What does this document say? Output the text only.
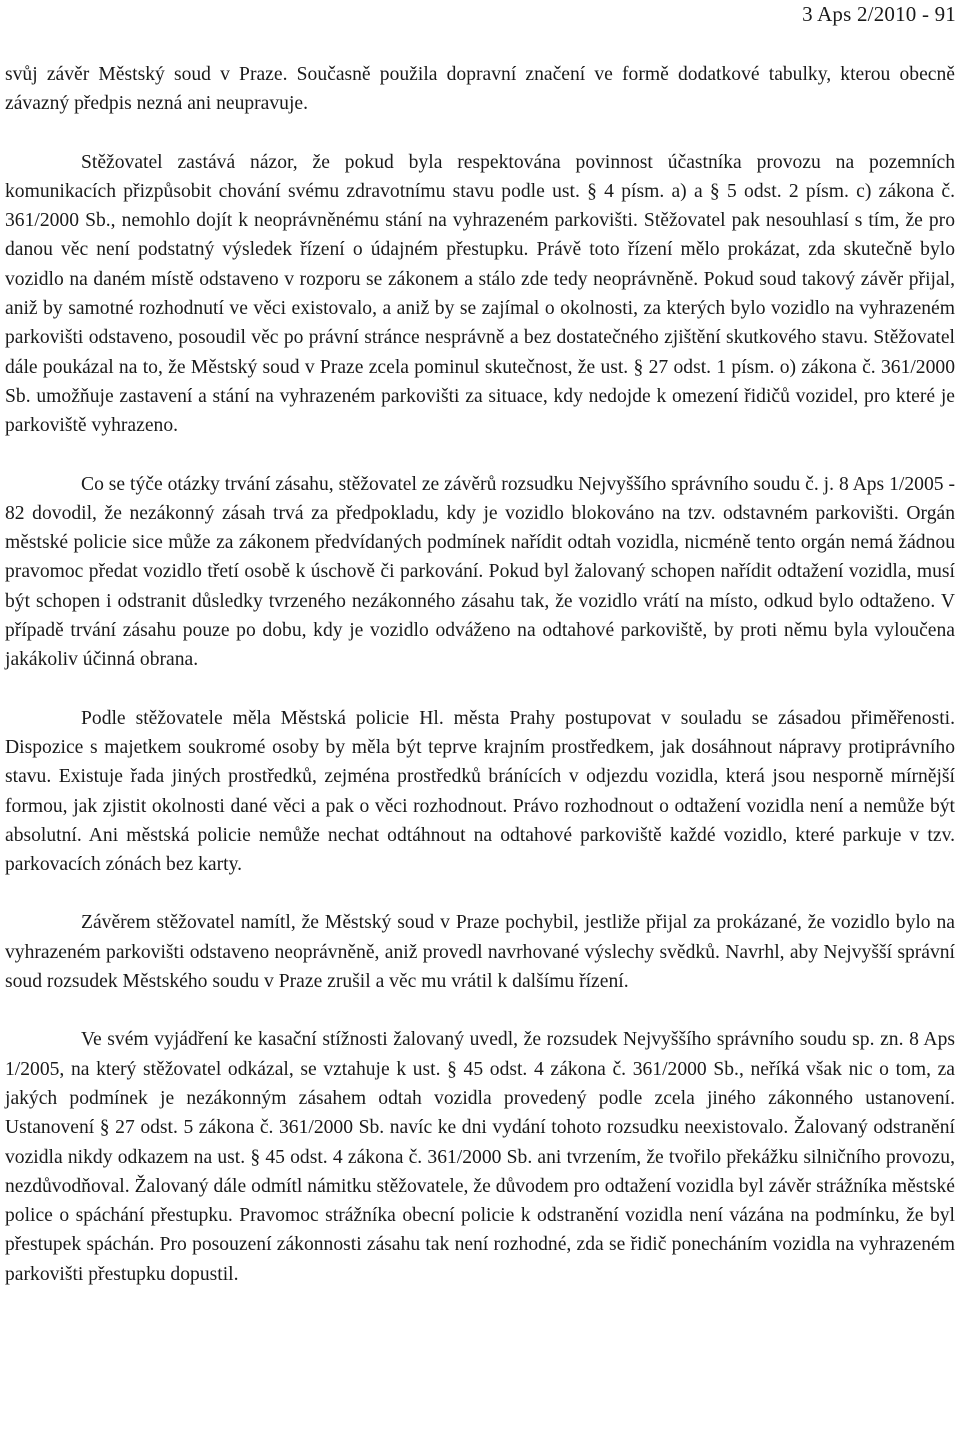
3 Aps 2/2010 - 91

svůj závěr Městský soud v Praze. Současně použila dopravní značení ve formě dodatkové tabulky, kterou obecně závazný předpis nezná ani neupravuje.

Stěžovatel zastává názor, že pokud byla respektována povinnost účastníka provozu na pozemních komunikacích přizpůsobit chování svému zdravotnímu stavu podle ust. § 4 písm. a) a § 5 odst. 2 písm. c) zákona č. 361/2000 Sb., nemohlo dojít k neoprávněnému stání na vyhrazeném parkovišti. Stěžovatel pak nesouhlasí s tím, že pro danou věc není podstatný výsledek řízení o údajném přestupku. Právě toto řízení mělo prokázat, zda skutečně bylo vozidlo na daném místě odstaveno v rozporu se zákonem a stálo zde tedy neoprávněně. Pokud soud takový závěr přijal, aniž by samotné rozhodnutí ve věci existovalo, a aniž by se zajímal o okolnosti, za kterých bylo vozidlo na vyhrazeném parkovišti odstaveno, posoudil věc po právní stránce nesprávně a bez dostatečného zjištění skutkového stavu. Stěžovatel dále poukázal na to, že Městský soud v Praze zcela pominul skutečnost, že ust. § 27 odst. 1 písm. o) zákona č. 361/2000 Sb. umožňuje zastavení a stání na vyhrazeném parkovišti za situace, kdy nedojde k omezení řidičů vozidel, pro které je parkoviště vyhrazeno.

Co se týče otázky trvání zásahu, stěžovatel ze závěrů rozsudku Nejvyššího správního soudu č. j. 8 Aps 1/2005 - 82 dovodil, že nezákonný zásah trvá za předpokladu, kdy je vozidlo blokováno na tzv. odstavném parkovišti. Orgán městské policie sice může za zákonem předvídaných podmínek nařídit odtah vozidla, nicméně tento orgán nemá žádnou pravomoc předat vozidlo třetí osobě k úschově či parkování. Pokud byl žalovaný schopen nařídit odtažení vozidla, musí být schopen i odstranit důsledky tvrzeného nezákonného zásahu tak, že vozidlo vrátí na místo, odkud bylo odtaženo. V případě trvání zásahu pouze po dobu, kdy je vozidlo odváženo na odtahové parkoviště, by proti němu byla vyloučena jakákoliv účinná obrana.

Podle stěžovatele měla Městská policie Hl. města Prahy postupovat v souladu se zásadou přiměřenosti. Dispozice s majetkem soukromé osoby by měla být teprve krajním prostředkem, jak dosáhnout nápravy protiprávního stavu. Existuje řada jiných prostředků, zejména prostředků bránících v odjezdu vozidla, která jsou nesporně mírnější formou, jak zjistit okolnosti dané věci a pak o věci rozhodnout. Právo rozhodnout o odtažení vozidla není a nemůže být absolutní. Ani městská policie nemůže nechat odtáhnout na odtahové parkoviště každé vozidlo, které parkuje v tzv. parkovacích zónách bez karty.

Závěrem stěžovatel namítl, že Městský soud v Praze pochybil, jestliže přijal za prokázané, že vozidlo bylo na vyhrazeném parkovišti odstaveno neoprávněně, aniž provedl navrhované výslechy svědků. Navrhl, aby Nejvyšší správní soud rozsudek Městského soudu v Praze zrušil a věc mu vrátil k dalšímu řízení.

Ve svém vyjádření ke kasační stížnosti žalovaný uvedl, že rozsudek Nejvyššího správního soudu sp. zn. 8 Aps 1/2005, na který stěžovatel odkázal, se vztahuje k ust. § 45 odst. 4 zákona č. 361/2000 Sb., neříká však nic o tom, za jakých podmínek je nezákonným zásahem odtah vozidla provedený podle zcela jiného zákonného ustanovení. Ustanovení § 27 odst. 5 zákona č. 361/2000 Sb. navíc ke dni vydání tohoto rozsudku neexistovalo. Žalovaný odstranění vozidla nikdy odkazem na ust. § 45 odst. 4 zákona č. 361/2000 Sb. ani tvrzením, že tvořilo překážku silničního provozu, nezdůvodňoval. Žalovaný dále odmítl námitku stěžovatele, že důvodem pro odtažení vozidla byl závěr strážníka městské police o spáchání přestupku. Pravomoc strážníka obecní policie k odstranění vozidla není vázána na podmínku, že byl přestupek spáchán. Pro posouzení zákonnosti zásahu tak není rozhodné, zda se řidič ponecháním vozidla na vyhrazeném parkovišti přestupku dopustil.
